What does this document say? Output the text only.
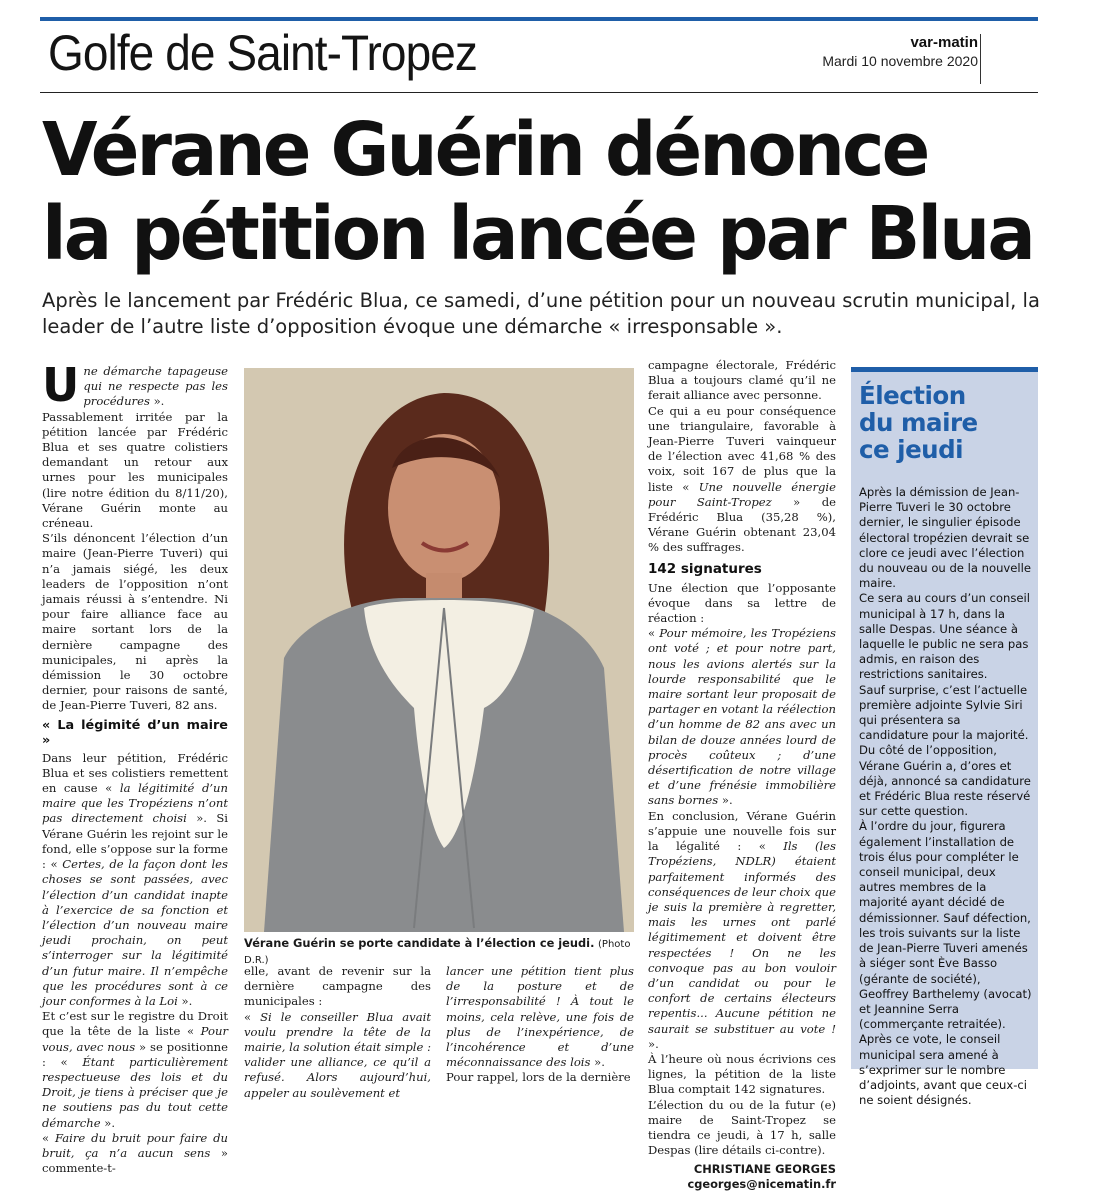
Golfe de Saint-Tropez	var-matin
Mardi 10 novembre 2020
Vérane Guérin dénonce
la pétition lancée par Blua
Après le lancement par Frédéric Blua, ce samedi, d’une pétition pour un nouveau scrutin municipal, la leader de l’autre liste d’opposition évoque une démarche « irresponsable ».

Une démarche tapageuse qui ne respecte pas les procédures ».

Passablement irritée par la pétition lancée par Frédéric Blua et ses quatre colistiers demandant un retour aux urnes pour les municipales (lire notre édition du 8/11/20), Vérane Guérin monte au créneau.

S’ils dénoncent l’élection d’un maire (Jean-Pierre Tuveri) qui n’a jamais siégé, les deux leaders de l’opposition n’ont jamais réussi à s’entendre. Ni pour faire alliance face au maire sortant lors de la dernière campagne des municipales, ni après la démission le 30 octobre dernier, pour raisons de santé, de Jean-Pierre Tuveri, 82 ans.

« La légimité d’un maire »

Dans leur pétition, Frédéric Blua et ses colistiers remettent en cause « la légitimité d’un maire que les Tropéziens n’ont pas directement choisi ». Si Vérane Guérin les rejoint sur le fond, elle s’oppose sur la forme : « Certes, de la façon dont les choses se sont passées, avec l’élection d’un candidat inapte à l’exercice de sa fonction et l’élection d’un nouveau maire jeudi prochain, on peut s’interroger sur la légitimité d’un futur maire. Il n’empêche que les procédures sont à ce jour conformes à la Loi ».

Et c’est sur le registre du Droit que la tête de la liste « Pour vous, avec nous » se positionne : « Étant particulièrement respectueuse des lois et du Droit, je tiens à préciser que je ne soutiens pas du tout cette démarche ».

« Faire du bruit pour faire du bruit, ça n’a aucun sens » commente-t-

Vérane Guérin se porte candidate à l’élection ce jeudi. (Photo D.R.)

elle, avant de revenir sur la dernière campagne des municipales :

« Si le conseiller Blua avait voulu prendre la tête de la mairie, la solution était simple : valider une alliance, ce qu’il a refusé. Alors aujourd’hui, appeler au soulèvement et

lancer une pétition tient plus de la posture et de l’irresponsabilité ! À tout le moins, cela relève, une fois de plus de l’inexpérience, de l’incohérence et d’une méconnaissance des lois ».

Pour rappel, lors de la dernière

campagne électorale, Frédéric Blua a toujours clamé qu’il ne ferait alliance avec personne.

Ce qui a eu pour conséquence une triangulaire, favorable à Jean-Pierre Tuveri vainqueur de l’élection avec 41,68 % des voix, soit 167 de plus que la liste « Une nouvelle énergie pour Saint-Tropez » de Frédéric Blua (35,28 %), Vérane Guérin obtenant 23,04 % des suffrages.

142 signatures

Une élection que l’opposante évoque dans sa lettre de réaction :

« Pour mémoire, les Tropéziens ont voté ; et pour notre part, nous les avions alertés sur la lourde responsabilité que le maire sortant leur proposait de partager en votant la réélection d’un homme de 82 ans avec un bilan de douze années lourd de procès coûteux ; d’une désertification de notre village et d’une frénésie immobilière sans bornes ».

En conclusion, Vérane Guérin s’appuie une nouvelle fois sur la légalité : « Ils (les Tropéziens, NDLR) étaient parfaitement informés des conséquences de leur choix que je suis la première à regretter, mais les urnes ont parlé légitimement et doivent être respectées ! On ne les convoque pas au bon vouloir d’un candidat ou pour le confort de certains électeurs repentis... Aucune pétition ne saurait se substituer au vote ! ».

À l’heure où nous écrivions ces lignes, la pétition de la liste Blua comptait 142 signatures.

L’élection du ou de la futur (e) maire de Saint-Tropez se tiendra ce jeudi, à 17 h, salle Despas (lire détails ci-contre).

CHRISTIANE GEORGES
cgeorges@nicematin.fr
Élection
du maire
ce jeudi

Après la démission de Jean-Pierre Tuveri le 30 octobre dernier, le singulier épisode électoral tropézien devrait se clore ce jeudi avec l’élection du nouveau ou de la nouvelle maire.

Ce sera au cours d’un conseil municipal à 17 h, dans la salle Despas. Une séance à laquelle le public ne sera pas admis, en raison des restrictions sanitaires.

Sauf surprise, c’est l’actuelle première adjointe Sylvie Siri qui présentera sa candidature pour la majorité. Du côté de l’opposition, Vérane Guérin a, d’ores et déjà, annoncé sa candidature et Frédéric Blua reste réservé sur cette question.

À l’ordre du jour, figurera également l’installation de trois élus pour compléter le conseil municipal, deux autres membres de la majorité ayant décidé de démissionner. Sauf défection, les trois suivants sur la liste de Jean-Pierre Tuveri amenés à siéger sont Ève Basso (gérante de société), Geoffrey Barthelemy (avocat) et Jeannine Serra (commerçante retraitée).

Après ce vote, le conseil municipal sera amené à s’exprimer sur le nombre d’adjoints, avant que ceux-ci ne soient désignés.
